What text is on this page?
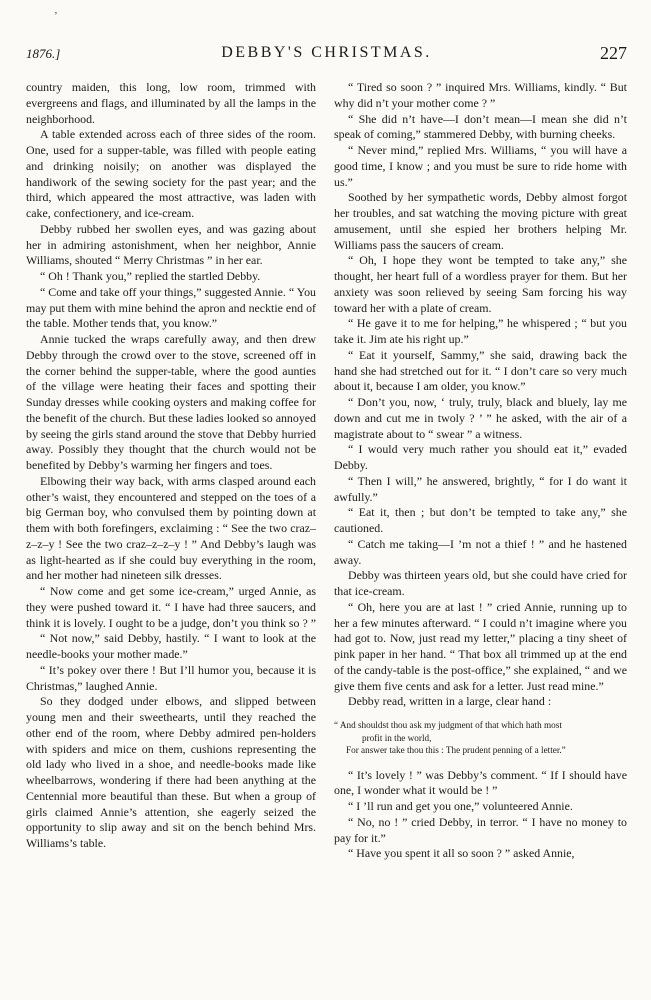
’
1876.]	DEBBY'S CHRISTMAS.	227

country maiden, this long, low room, trimmed with evergreens and flags, and illuminated by all the lamps in the neighborhood.

A table extended across each of three sides of the room. One, used for a supper-table, was filled with people eating and drinking noisily; on another was displayed the handiwork of the sewing society for the past year; and the third, which appeared the most attractive, was laden with cake, confectionery, and ice-cream.

Debby rubbed her swollen eyes, and was gazing about her in admiring astonishment, when her neighbor, Annie Williams, shouted “ Merry Christmas ” in her ear.

“ Oh ! Thank you,” replied the startled Debby.

“ Come and take off your things,” suggested Annie. “ You may put them with mine behind the apron and necktie end of the table. Mother tends that, you know.”

Annie tucked the wraps carefully away, and then drew Debby through the crowd over to the stove, screened off in the corner behind the supper-table, where the good aunties of the village were heating their faces and spotting their Sunday dresses while cooking oysters and making coffee for the benefit of the church. But these ladies looked so annoyed by seeing the girls stand around the stove that Debby hurried away. Possibly they thought that the church would not be benefited by Debby’s warming her fingers and toes.

Elbowing their way back, with arms clasped around each other’s waist, they encountered and stepped on the toes of a big German boy, who convulsed them by pointing down at them with both forefingers, exclaiming : “ See the two craz–z–z–y ! See the two craz–z–z–y ! ” And Debby’s laugh was as light-hearted as if she could buy everything in the room, and her mother had nineteen silk dresses.

“ Now come and get some ice-cream,” urged Annie, as they were pushed toward it. “ I have had three saucers, and think it is lovely. I ought to be a judge, don’t you think so ? ”

“ Not now,” said Debby, hastily. “ I want to look at the needle-books your mother made.”

“ It’s pokey over there ! But I’ll humor you, because it is Christmas,” laughed Annie.

So they dodged under elbows, and slipped between young men and their sweethearts, until they reached the other end of the room, where Debby admired pen-holders with spiders and mice on them, cushions representing the old lady who lived in a shoe, and needle-books made like wheelbarrows, wondering if there had been anything at the Centennial more beautiful than these. But when a group of girls claimed Annie’s attention, she eagerly seized the opportunity to slip away and sit on the bench behind Mrs. Williams’s table.

“ Tired so soon ? ” inquired Mrs. Williams, kindly. “ But why did n’t your mother come ? ”

“ She did n’t have—I don’t mean—I mean she did n’t speak of coming,” stammered Debby, with burning cheeks.

“ Never mind,” replied Mrs. Williams, “ you will have a good time, I know ; and you must be sure to ride home with us.”

Soothed by her sympathetic words, Debby almost forgot her troubles, and sat watching the moving picture with great amusement, until she espied her brothers helping Mr. Williams pass the saucers of cream.

“ Oh, I hope they wont be tempted to take any,” she thought, her heart full of a wordless prayer for them. But her anxiety was soon relieved by seeing Sam forcing his way toward her with a plate of cream.

“ He gave it to me for helping,” he whispered ; “ but you take it. Jim ate his right up.”

“ Eat it yourself, Sammy,” she said, drawing back the hand she had stretched out for it. “ I don’t care so very much about it, because I am older, you know.”

“ Don’t you, now, ‘ truly, truly, black and bluely, lay me down and cut me in twoly ? ’ ” he asked, with the air of a magistrate about to “ swear ” a witness.

“ I would very much rather you should eat it,” evaded Debby.

“ Then I will,” he answered, brightly, “ for I do want it awfully.”

“ Eat it, then ; but don’t be tempted to take any,” she cautioned.

“ Catch me taking—I ’m not a thief ! ” and he hastened away.

Debby was thirteen years old, but she could have cried for that ice-cream.

“ Oh, here you are at last ! ” cried Annie, running up to her a few minutes afterward. “ I could n’t imagine where you had got to. Now, just read my letter,” placing a tiny sheet of pink paper in her hand. “ That box all trimmed up at the end of the candy-table is the post-office,” she explained, “ and we give them five cents and ask for a letter. Just read mine.”

Debby read, written in a large, clear hand :

“ And shouldst thou ask my judgment of that which hath most
profit in the world,
For answer take thou this : The prudent penning of a letter.”

“ It’s lovely ! ” was Debby’s comment. “ If I should have one, I wonder what it would be ! ”

“ I ’ll run and get you one,” volunteered Annie.

“ No, no ! ” cried Debby, in terror. “ I have no money to pay for it.”

“ Have you spent it all so soon ? ” asked Annie,
